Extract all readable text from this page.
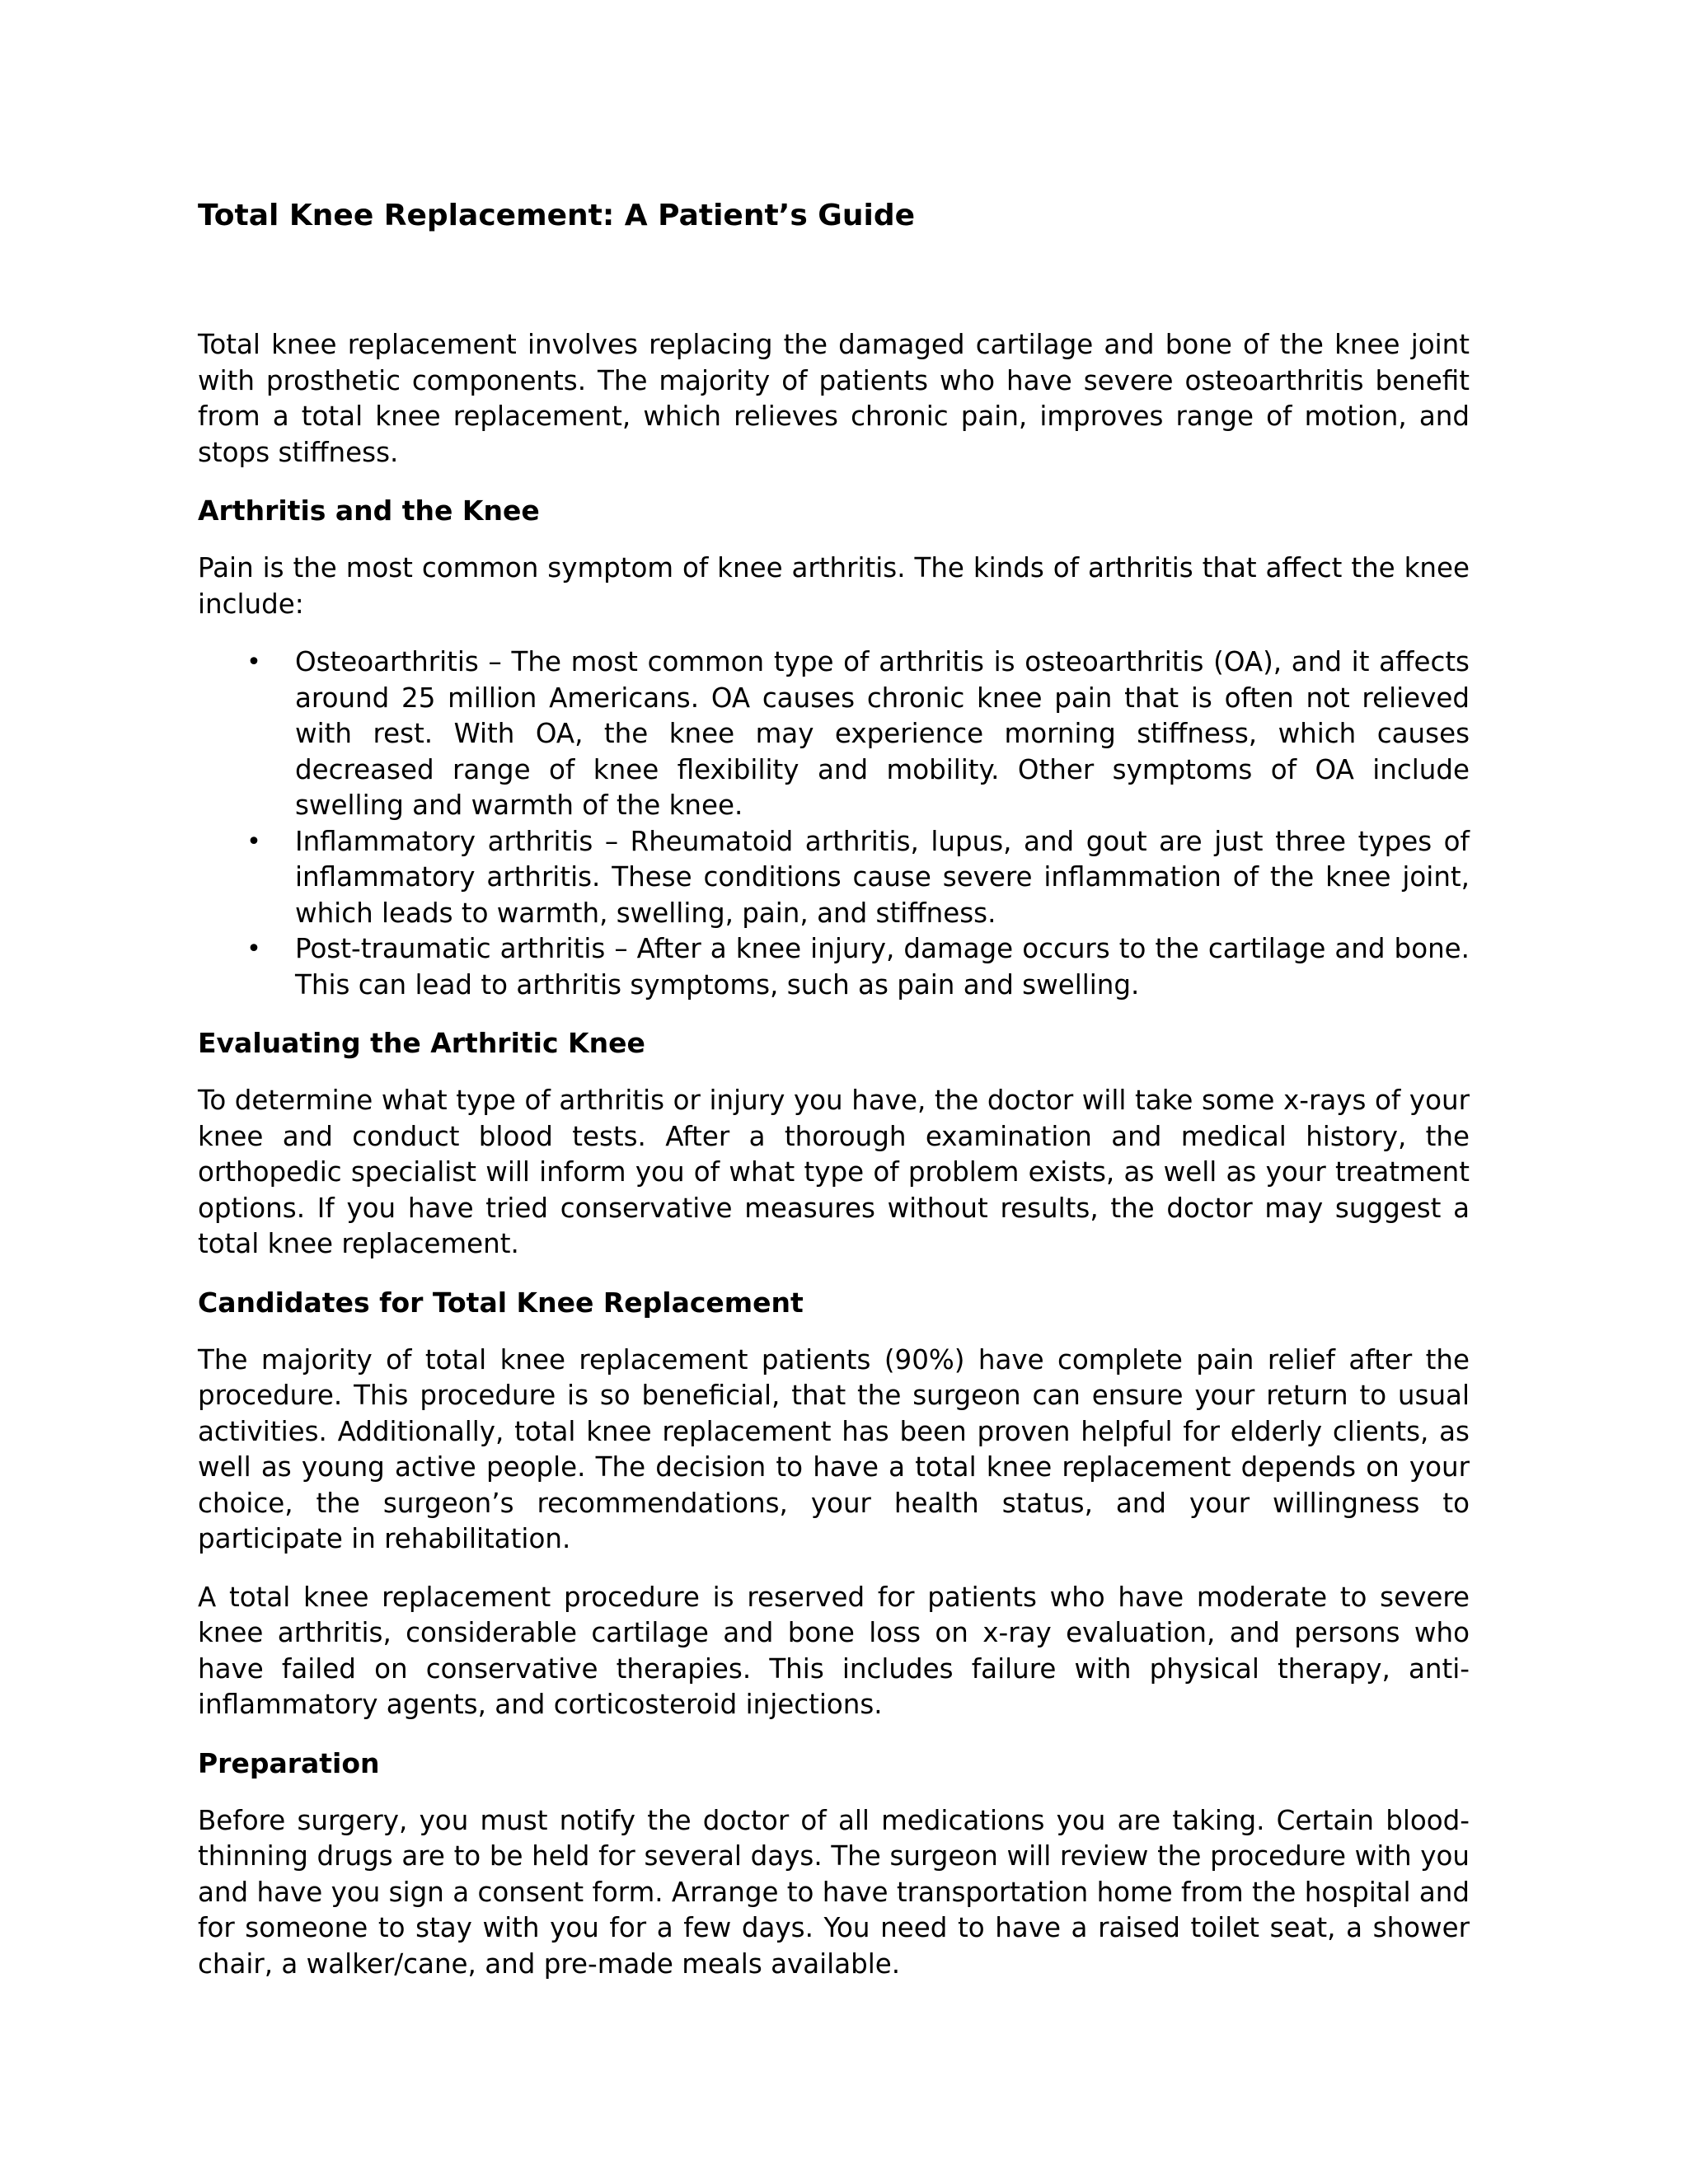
Total Knee Replacement: A Patient’s Guide

Total knee replacement involves replacing the damaged cartilage and bone of the knee joint with prosthetic components. The majority of patients who have severe osteoarthritis benefit from a total knee replacement, which relieves chronic pain, improves range of motion, and stops stiffness.

Arthritis and the Knee

Pain is the most common symptom of knee arthritis. The kinds of arthritis that affect the knee include:

• Osteoarthritis – The most common type of arthritis is osteoarthritis (OA), and it affects around 25 million Americans. OA causes chronic knee pain that is often not relieved with rest. With OA, the knee may experience morning stiffness, which causes decreased range of knee flexibility and mobility. Other symptoms of OA include swelling and warmth of the knee.
• Inflammatory arthritis – Rheumatoid arthritis, lupus, and gout are just three types of inflammatory arthritis. These conditions cause severe inflammation of the knee joint, which leads to warmth, swelling, pain, and stiffness.
• Post-traumatic arthritis – After a knee injury, damage occurs to the cartilage and bone. This can lead to arthritis symptoms, such as pain and swelling.
Evaluating the Arthritic Knee

To determine what type of arthritis or injury you have, the doctor will take some x-rays of your knee and conduct blood tests. After a thorough examination and medical history, the orthopedic specialist will inform you of what type of problem exists, as well as your treatment options. If you have tried conservative measures without results, the doctor may suggest a total knee replacement.

Candidates for Total Knee Replacement

The majority of total knee replacement patients (90%) have complete pain relief after the procedure. This procedure is so beneficial, that the surgeon can ensure your return to usual activities. Additionally, total knee replacement has been proven helpful for elderly clients, as well as young active people. The decision to have a total knee replacement depends on your choice, the surgeon’s recommendations, your health status, and your willingness to participate in rehabilitation.

A total knee replacement procedure is reserved for patients who have moderate to severe knee arthritis, considerable cartilage and bone loss on x-ray evaluation, and persons who have failed on conservative therapies. This includes failure with physical therapy, anti-inflammatory agents, and corticosteroid injections.

Preparation

Before surgery, you must notify the doctor of all medications you are taking. Certain blood-thinning drugs are to be held for several days. The surgeon will review the procedure with you and have you sign a consent form. Arrange to have transportation home from the hospital and for someone to stay with you for a few days. You need to have a raised toilet seat, a shower chair, a walker/cane, and pre-made meals available.
